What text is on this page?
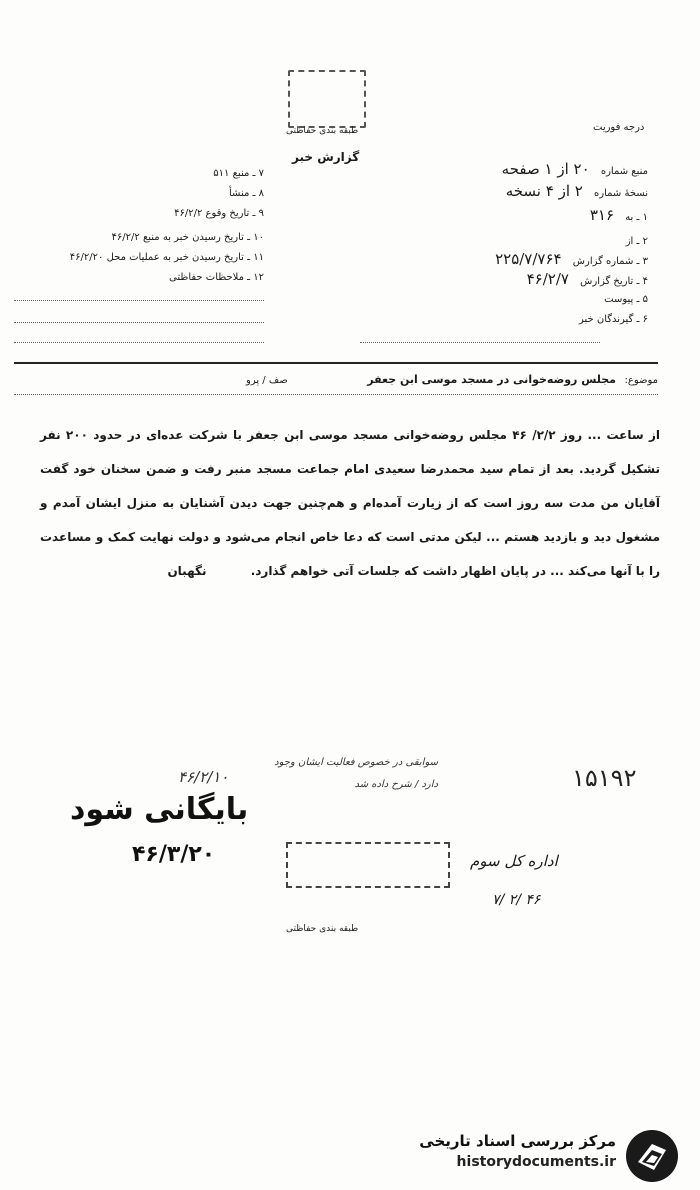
طبقه بندی حفاظتی
گزارش خبر
درجه فوریت
منبع شماره ۲۰ از ۱ صفحه
نسخهٔ شماره ۲ از ۴ نسخه
۱ ـ به ۳۱۶
۲ ـ از
۳ ـ شماره گزارش ۲۲۵/۷/۷۶۴
۴ ـ تاریخ گزارش ۴۶/۲/۷
۵ ـ پیوست
۶ ـ گیرندگان خبر
۷ ـ منبع ۵۱۱
۸ ـ منشأ
۹ ـ تاریخ وقوع ۴۶/۲/۲
۱۰ ـ تاریخ رسیدن خبر به منبع ۴۶/۲/۲
۱۱ ـ تاریخ رسیدن خبر به عملیات محل ۴۶/۲/۲۰
۱۲ ـ ملاحظات حفاظتی
موضوع:
مجلس روضه‌خوانی در مسجد موسی ابن جعفر
صف / پرو
از ساعت ... روز ۲/۲/ ۴۶ مجلس روضه‌خوانی مسجد موسی ابن جعفر با شرکت عده‌ای در حدود ۲۰۰ نفر تشکیل گردید. بعد از تمام سید محمدرضا سعیدی امام جماعت مسجد منبر رفت و ضمن سخنان خود گفت آقایان من مدت سه روز است که از زیارت آمده‌ام و هم‌چنین جهت دیدن آشنایان به منزل ایشان آمدم و مشغول دید و بازدید هستم ... لیکن مدتی است که دعا خاص انجام می‌شود و دولت نهایت کمک و مساعدت را با آنها می‌کند ... در پایان اظهار داشت که جلسات آتی خواهم گذارد. نگهبان
سوابقی در خصوص فعالیت ایشان وجود دارد / شرح داده شد	۱۵۱۹۲
۴۶/۲/۱۰
بایگانی شود
۴۶/۳/۲۰	اداره کل سوم
۷/ ۲/ ۴۶
طبقه بندی حفاظتی
مرکز بررسی اسناد تاریخی
historydocuments.ir
